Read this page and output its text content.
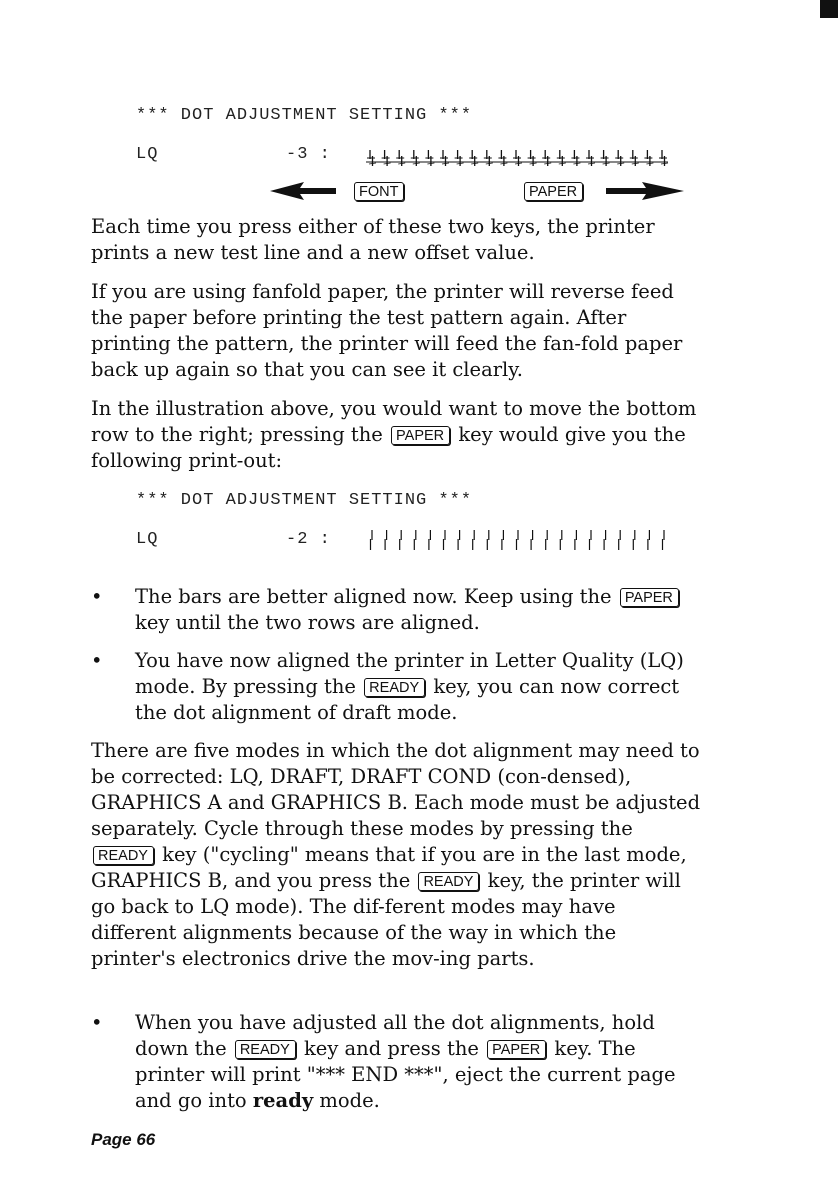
*** DOT ADJUSTMENT SETTING ***
LQ	-3 :
FONT	PAPER
Each time you press either of these two keys, the printer prints a new test line and a new offset value.
If you are using fanfold paper, the printer will reverse feed the paper before printing the test pattern again. After printing the pattern, the printer will feed the fan-fold paper back up again so that you can see it clearly.
In the illustration above, you would want to move the bottom row to the right; pressing the PAPER key would give you the following print-out:
*** DOT ADJUSTMENT SETTING ***
LQ	-2 :
•	The bars are better aligned now. Keep using the PAPER key until the two rows are aligned.
•	You have now aligned the printer in Letter Quality (LQ) mode. By pressing the READY key, you can now correct the dot alignment of draft mode.
There are five modes in which the dot alignment may need to be corrected: LQ, DRAFT, DRAFT COND (con-densed), GRAPHICS A and GRAPHICS B. Each mode must be adjusted separately. Cycle through these modes by pressing the READY key ("cycling" means that if you are in the last mode, GRAPHICS B, and you press the READY key, the printer will go back to LQ mode). The dif-ferent modes may have different alignments because of the way in which the printer's electronics drive the mov-ing parts.
•	When you have adjusted all the dot alignments, hold down the READY key and press the PAPER key. The printer will print "*** END ***", eject the current page and go into ready mode.
Page 66
